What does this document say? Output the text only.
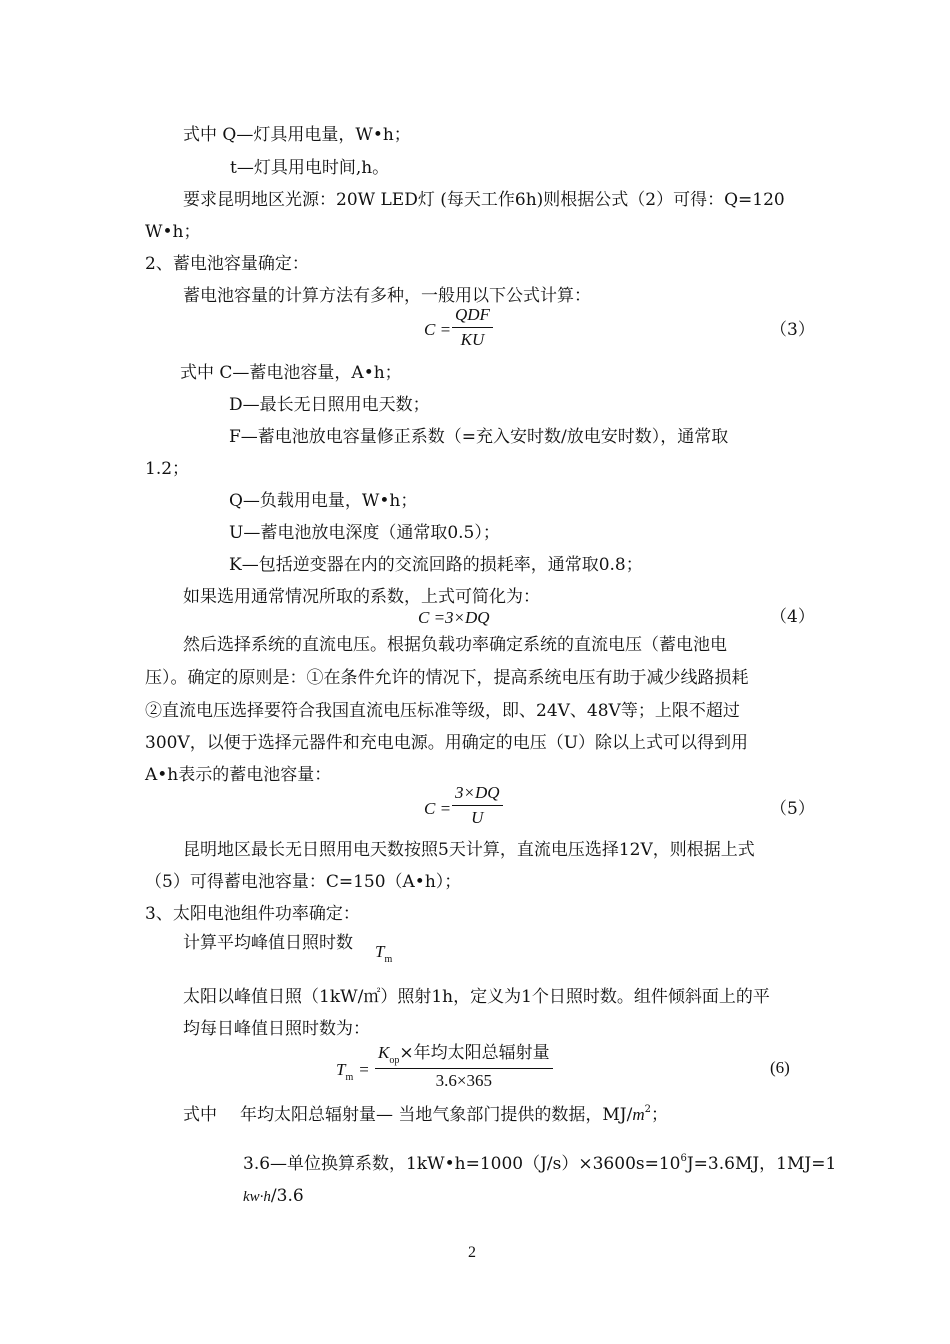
式中 Q—灯具用电量，W•h；
t—灯具用电时间,h。
要求昆明地区光源：20W LED灯 (每天工作6h)则根据公式（2）可得：Q=120
W•h；
2、蓄电池容量确定：
蓄电池容量的计算方法有多种，一般用以下公式计算：
C =
QDF
KU	（3）
式中 C—蓄电池容量，A•h；
D—最长无日照用电天数；
F—蓄电池放电容量修正系数（=充入安时数/放电安时数），通常取
1.2；
Q—负载用电量，W•h；
U—蓄电池放电深度（通常取0.5）；
K—包括逆变器在内的交流回路的损耗率，通常取0.8；
如果选用通常情况所取的系数，上式可简化为：
C =3×DQ	（4）
然后选择系统的直流电压。根据负载功率确定系统的直流电压（蓄电池电
压）。确定的原则是：①在条件允许的情况下，提高系统电压有助于减少线路损耗
②直流电压选择要符合我国直流电压标准等级，即、24V、48V等；上限不超过
300V，以便于选择元器件和充电电源。用确定的电压（U）除以上式可以得到用
A•h表示的蓄电池容量：
$C = \frac{3\times DQ}{U}$	（5）
昆明地区最长无日照用电天数按照5天计算，直流电压选择12V，则根据上式
（5）可得蓄电池容量：C=150（A•h）；
3、太阳电池组件功率确定：
计算平均峰值日照时数 $T_m$
太阳以峰值日照（1kW/㎡）照射1h，定义为1个日照时数。组件倾斜面上的平
均每日峰值日照时数为：
$T_m$ =
$K_{op}\times$年均太阳总辐射量
3.6×365
(6)
式中 年均太阳总辐射量— 当地气象部门提供的数据，$MJ/m^2$；
3.6—单位换算系数，$1kW•h=1000(J/s)\times 3600s=10^6J=3.6MJ$，1MJ=1
kw·h/3.6
2
